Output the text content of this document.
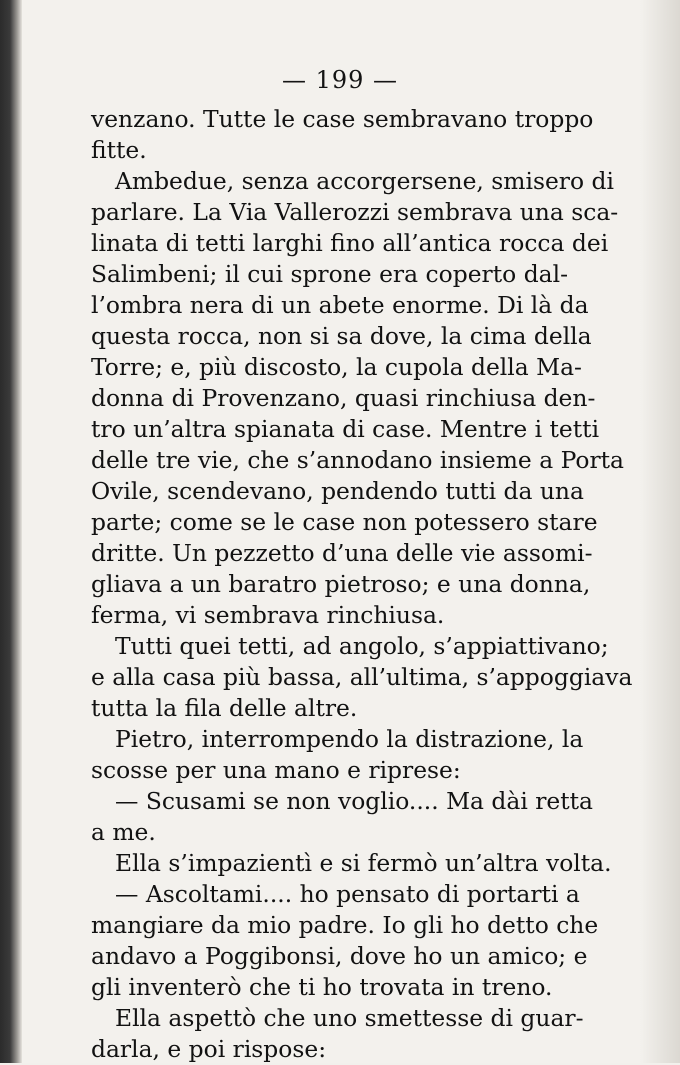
— 199 —
venzano. Tutte le case sembravano troppo
fitte.
Ambedue, senza accorgersene, smisero di
parlare. La Via Vallerozzi sembrava una sca-
linata di tetti larghi fino all’antica rocca dei
Salimbeni; il cui sprone era coperto dal-
l’ombra nera di un abete enorme. Di là da
questa rocca, non si sa dove, la cima della
Torre; e, più discosto, la cupola della Ma-
donna di Provenzano, quasi rinchiusa den-
tro un’altra spianata di case. Mentre i tetti
delle tre vie, che s’annodano insieme a Porta
Ovile, scendevano, pendendo tutti da una
parte; come se le case non potessero stare
dritte. Un pezzetto d’una delle vie assomi-
gliava a un baratro pietroso; e una donna,
ferma, vi sembrava rinchiusa.
Tutti quei tetti, ad angolo, s’appiattivano;
e alla casa più bassa, all’ultima, s’appoggiava
tutta la fila delle altre.
Pietro, interrompendo la distrazione, la
scosse per una mano e riprese:
— Scusami se non voglio.... Ma dài retta
a me.
Ella s’impazientì e si fermò un’altra volta.
— Ascoltami.... ho pensato di portarti a
mangiare da mio padre. Io gli ho detto che
andavo a Poggibonsi, dove ho un amico; e
gli inventerò che ti ho trovata in treno.
Ella aspettò che uno smettesse di guar-
darla, e poi rispose:
